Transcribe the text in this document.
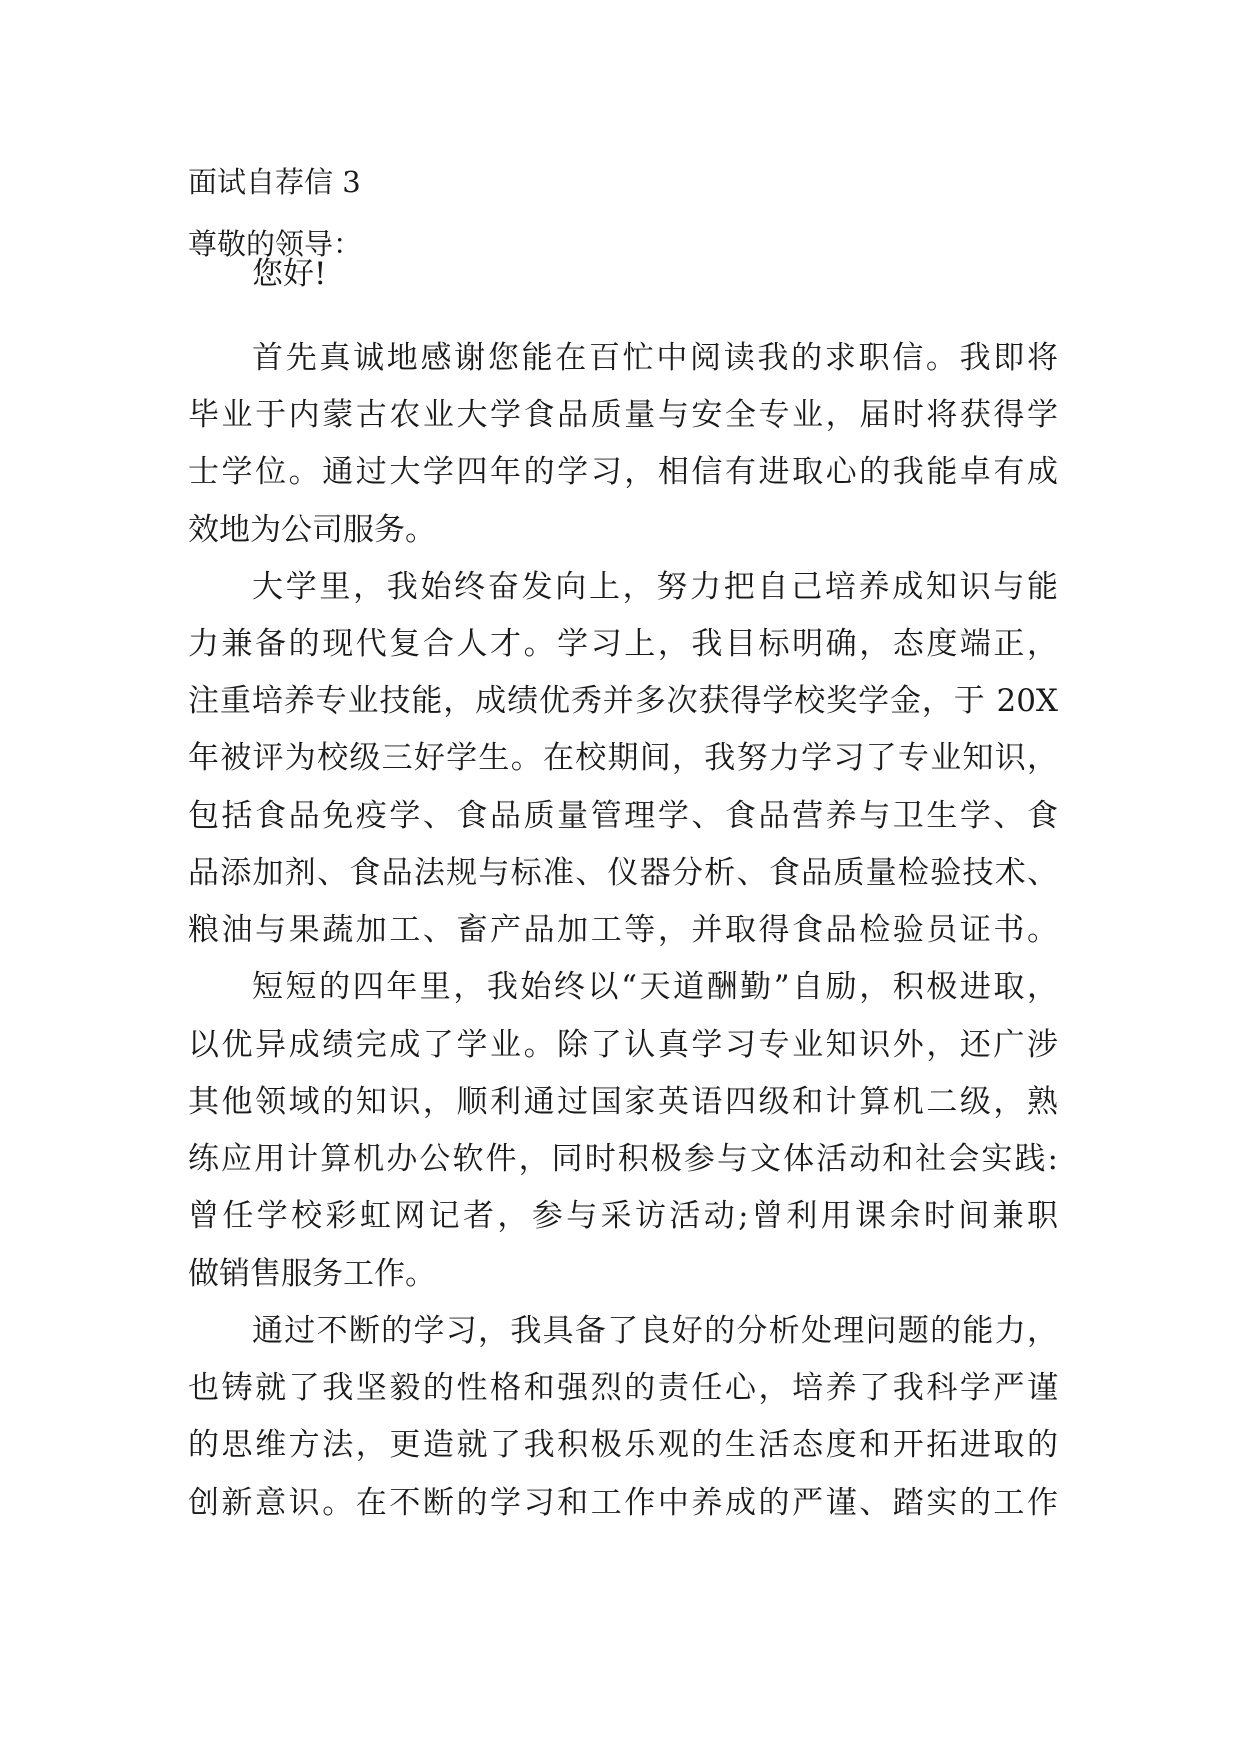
面试自荐信 3
尊敬的领导：
您好!
首先真诚地感谢您能在百忙中阅读我的求职信。我即将
毕业于内蒙古农业大学食品质量与安全专业，届时将获得学
士学位。通过大学四年的学习，相信有进取心的我能卓有成
效地为公司服务。
大学里，我始终奋发向上，努力把自己培养成知识与能
力兼备的现代复合人才。学习上，我目标明确，态度端正，
注重培养专业技能，成绩优秀并多次获得学校奖学金，于 20X
年被评为校级三好学生。在校期间，我努力学习了专业知识，
包括食品免疫学、食品质量管理学、食品营养与卫生学、食
品添加剂、食品法规与标准、仪器分析、食品质量检验技术、
粮油与果蔬加工、畜产品加工等，并取得食品检验员证书。
短短的四年里，我始终以“天道酬勤”自励，积极进取，
以优异成绩完成了学业。除了认真学习专业知识外，还广涉
其他领域的知识，顺利通过国家英语四级和计算机二级，熟
练应用计算机办公软件，同时积极参与文体活动和社会实践:
曾任学校彩虹网记者，参与采访活动;曾利用课余时间兼职
做销售服务工作。
通过不断的学习，我具备了良好的分析处理问题的能力，
也铸就了我坚毅的性格和强烈的责任心，培养了我科学严谨
的思维方法，更造就了我积极乐观的生活态度和开拓进取的
创新意识。在不断的学习和工作中养成的严谨、踏实的工作
